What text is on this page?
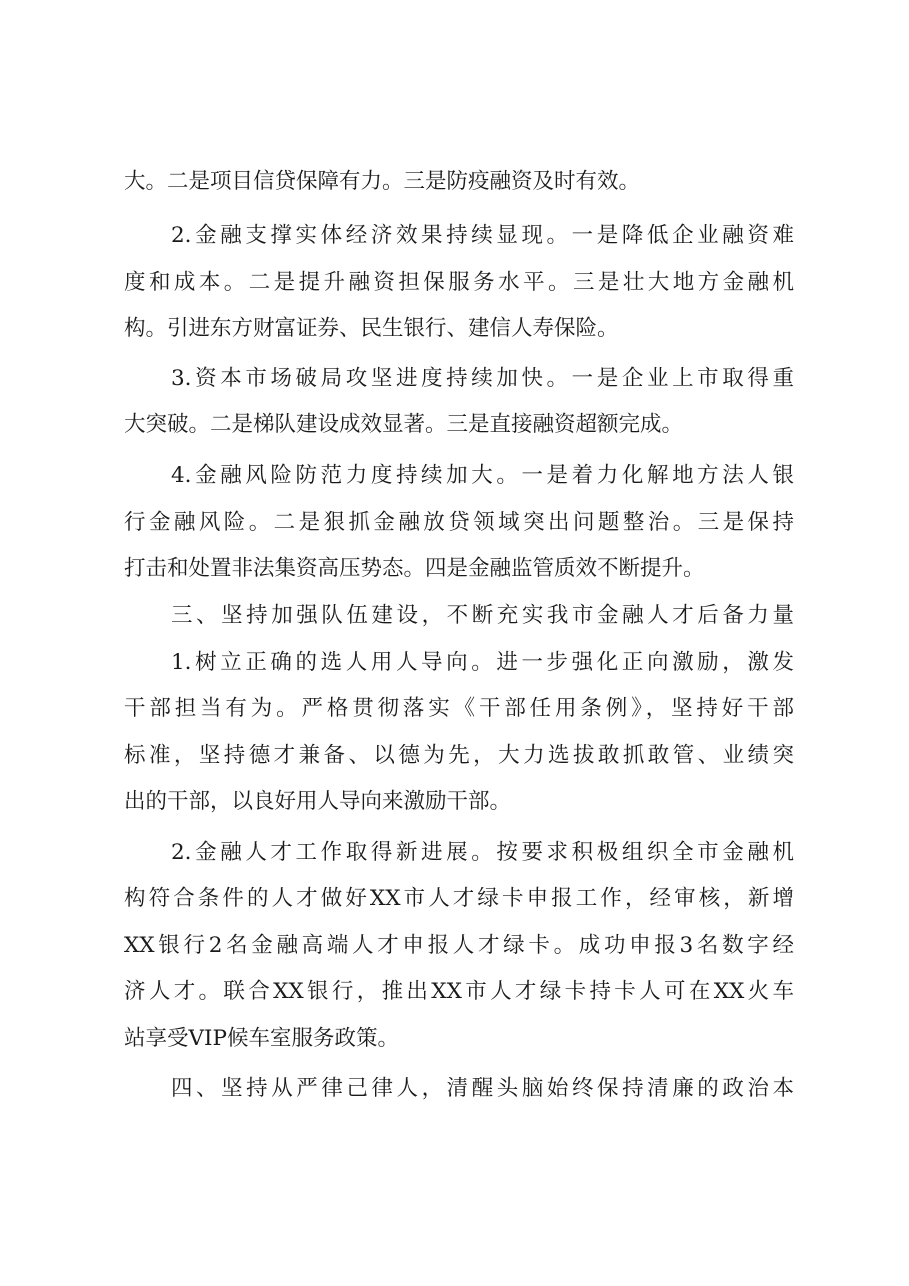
大。二是项目信贷保障有力。三是防疫融资及时有效。
2.金融支撑实体经济效果持续显现。一是降低企业融资难
度和成本。二是提升融资担保服务水平。三是壮大地方金融机
构。引进东方财富证券、民生银行、建信人寿保险。
3.资本市场破局攻坚进度持续加快。一是企业上市取得重
大突破。二是梯队建设成效显著。三是直接融资超额完成。
4.金融风险防范力度持续加大。一是着力化解地方法人银
行金融风险。二是狠抓金融放贷领域突出问题整治。三是保持
打击和处置非法集资高压势态。四是金融监管质效不断提升。
三、坚持加强队伍建设，不断充实我市金融人才后备力量
1.树立正确的选人用人导向。进一步强化正向激励，激发
干部担当有为。严格贯彻落实《干部任用条例》，坚持好干部
标准，坚持德才兼备、以德为先，大力选拔敢抓敢管、业绩突
出的干部，以良好用人导向来激励干部。
2.金融人才工作取得新进展。按要求积极组织全市金融机
构符合条件的人才做好XX市人才绿卡申报工作，经审核，新增
XX银行2名金融高端人才申报人才绿卡。成功申报3名数字经
济人才。联合XX银行，推出XX市人才绿卡持卡人可在XX火车
站享受VIP候车室服务政策。
四、坚持从严律己律人，清醒头脑始终保持清廉的政治本
